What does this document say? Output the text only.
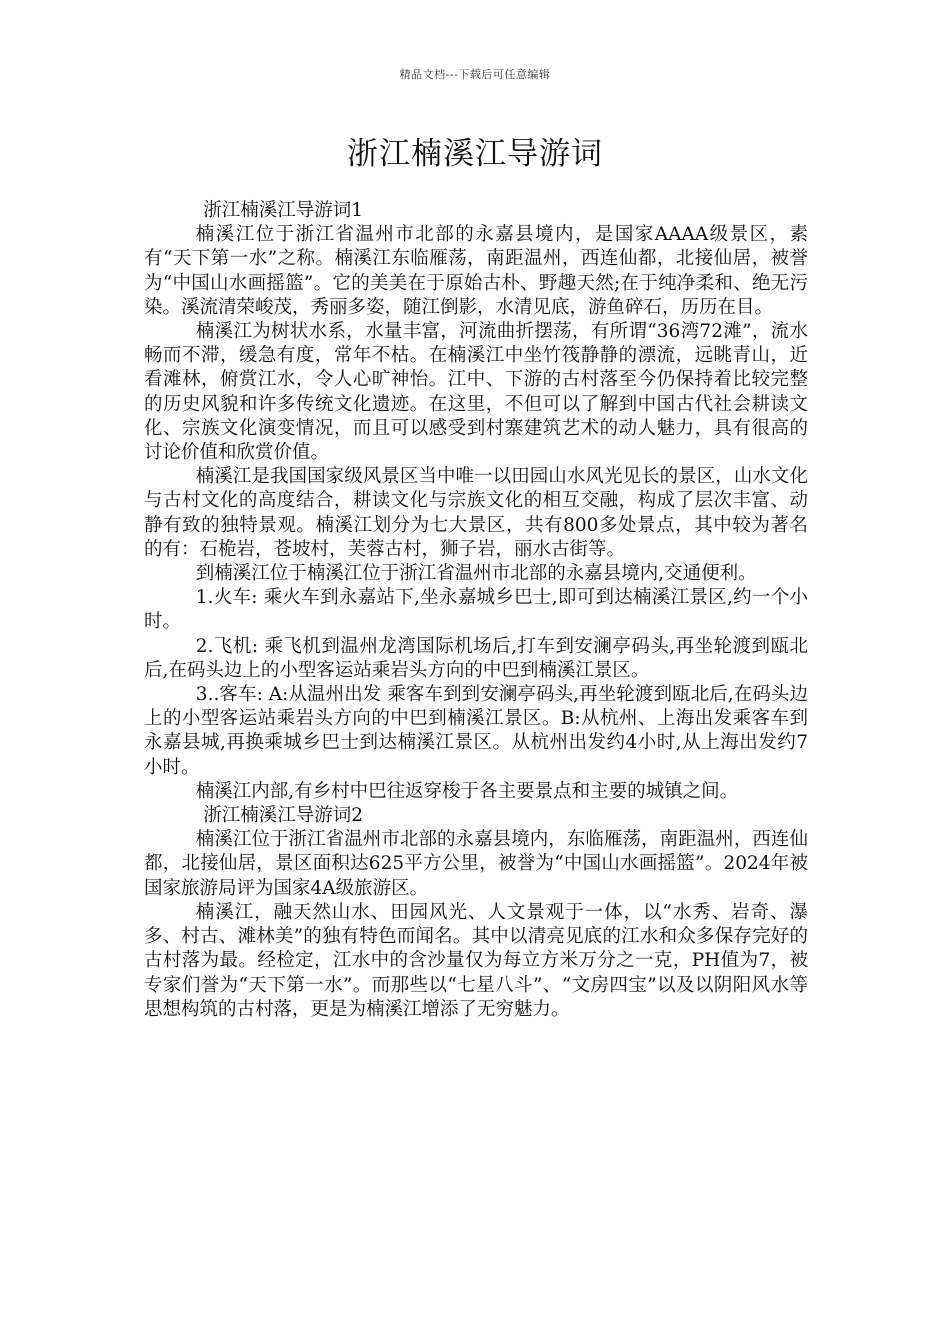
精品文档---下载后可任意编辑
浙江楠溪江导游词

浙江楠溪江导游词1

楠溪江位于浙江省温州市北部的永嘉县境内，是国家AAAA级景区，素有“天下第一水”之称。楠溪江东临雁荡，南距温州，西连仙都，北接仙居，被誉为“中国山水画摇篮”。它的美美在于原始古朴、野趣天然;在于纯净柔和、绝无污染。溪流清荣峻茂，秀丽多姿，随江倒影，水清见底，游鱼碎石，历历在目。

楠溪江为树状水系，水量丰富，河流曲折摆荡，有所谓“36湾72滩”，流水畅而不滞，缓急有度，常年不枯。在楠溪江中坐竹筏静静的漂流，远眺青山，近看滩林，俯赏江水，令人心旷神怡。江中、下游的古村落至今仍保持着比较完整的历史风貌和许多传统文化遗迹。在这里，不但可以了解到中国古代社会耕读文化、宗族文化演变情况，而且可以感受到村寨建筑艺术的动人魅力，具有很高的讨论价值和欣赏价值。

楠溪江是我国国家级风景区当中唯一以田园山水风光见长的景区，山水文化与古村文化的高度结合，耕读文化与宗族文化的相互交融，构成了层次丰富、动静有致的独特景观。楠溪江划分为七大景区，共有800多处景点，其中较为著名的有：石桅岩，苍坡村，芙蓉古村，狮子岩，丽水古街等。

到楠溪江位于楠溪江位于浙江省温州市北部的永嘉县境内,交通便利。

1.火车: 乘火车到永嘉站下,坐永嘉城乡巴士,即可到达楠溪江景区,约一个小时。

2.飞机: 乘飞机到温州龙湾国际机场后,打车到安澜亭码头,再坐轮渡到瓯北后,在码头边上的小型客运站乘岩头方向的中巴到楠溪江景区。

3..客车: A:从温州出发 乘客车到到安澜亭码头,再坐轮渡到瓯北后,在码头边上的小型客运站乘岩头方向的中巴到楠溪江景区。B:从杭州、上海出发乘客车到永嘉县城,再换乘城乡巴士到达楠溪江景区。从杭州出发约4小时,从上海出发约7小时。

楠溪江内部,有乡村中巴往返穿梭于各主要景点和主要的城镇之间。

浙江楠溪江导游词2

楠溪江位于浙江省温州市北部的永嘉县境内，东临雁荡，南距温州，西连仙都，北接仙居，景区面积达625平方公里，被誉为“中国山水画摇篮”。2024年被国家旅游局评为国家4A级旅游区。

楠溪江，融天然山水、田园风光、人文景观于一体，以“水秀、岩奇、瀑多、村古、滩林美”的独有特色而闻名。其中以清亮见底的江水和众多保存完好的古村落为最。经检定，江水中的含沙量仅为每立方米万分之一克，PH值为7，被专家们誉为“天下第一水”。而那些以“七星八斗”、“文房四宝”以及以阴阳风水等思想构筑的古村落，更是为楠溪江增添了无穷魅力。
